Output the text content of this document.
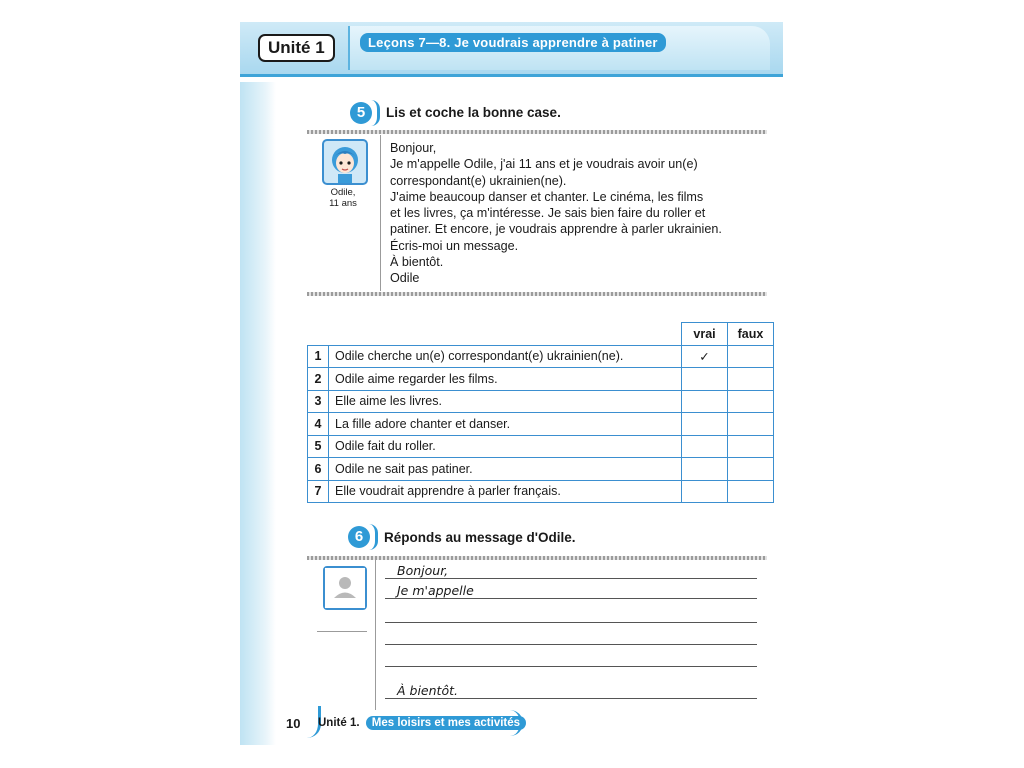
Unité 1	Leçons 7—8. Je voudrais apprendre à patiner
5	Lis et coche la bonne case.
Odile,
11 ans
Bonjour,
Je m'appelle Odile, j'ai 11 ans et je voudrais avoir un(e)
correspondant(e) ukrainien(ne).
J'aime beaucoup danser et chanter. Le cinéma, les films
et les livres, ça m'intéresse. Je sais bien faire du roller et
patiner. Et encore, je voudrais apprendre à parler ukrainien.
Écris-moi un message.
À bientôt.
Odile
		vrai	faux
1	Odile cherche un(e) correspondant(e) ukrainien(ne).	✓	
2	Odile aime regarder les films.		
3	Elle aime les livres.		
4	La fille adore chanter et danser.		
5	Odile fait du roller.		
6	Odile ne sait pas patiner.		
7	Elle voudrait apprendre à parler français.		
6	Réponds au message d'Odile.
Bonjour,
Je m'appelle
À bientôt.
10 Unité 1. Mes loisirs et mes activités
